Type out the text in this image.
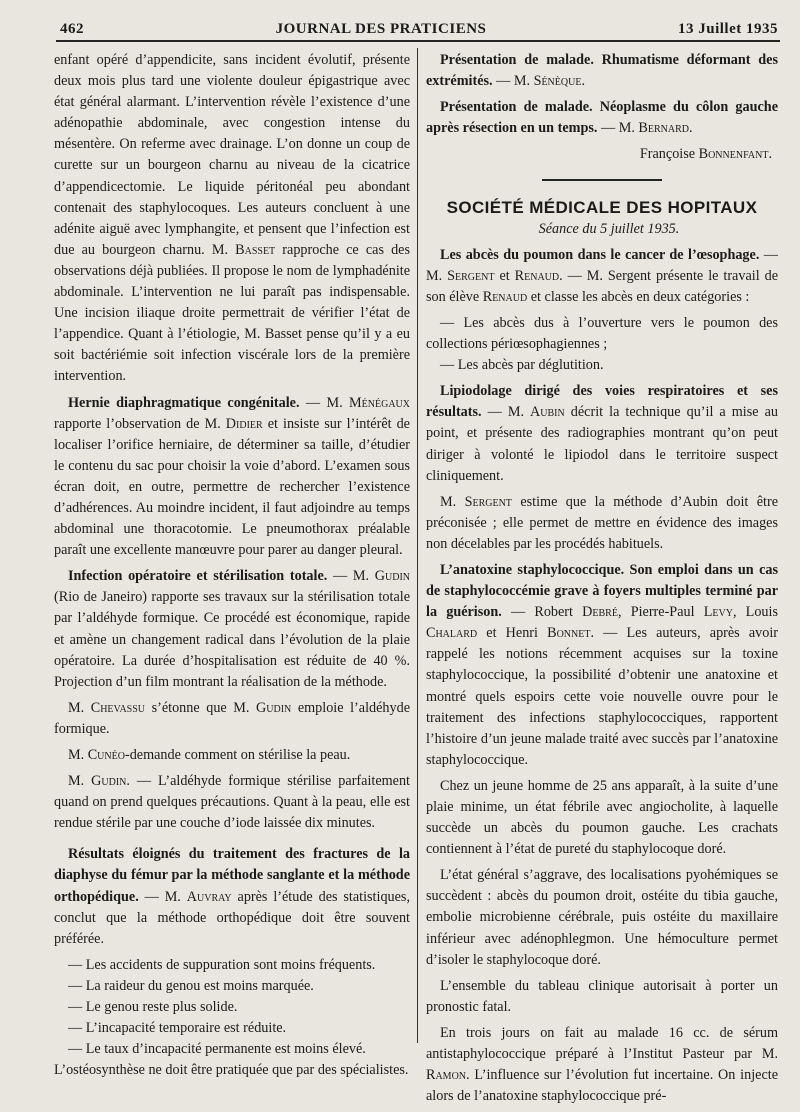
462	JOURNAL DES PRATICIENS	13 Juillet 1935

enfant opéré d’appendicite, sans incident évolutif, présente deux mois plus tard une violente douleur épigastrique avec état général alarmant. L’intervention révèle l’existence d’une adénopathie abdominale, avec congestion intense du mésentère. On referme avec drainage. L’on donne un coup de curette sur un bourgeon charnu au niveau de la cicatrice d’appendicectomie. Le liquide péritonéal peu abondant contenait des staphylocoques. Les auteurs concluent à une adénite aiguë avec lymphangite, et pensent que l’infection est due au bourgeon charnu. M. Basset rapproche ce cas des observations déjà publiées. Il propose le nom de lymphadénite abdominale. L’intervention ne lui paraît pas indispensable. Une incision iliaque droite permettrait de vérifier l’état de l’appendice. Quant à l’étiologie, M. Basset pense qu’il y a eu soit bactériémie soit infection viscérale lors de la première intervention.

Hernie diaphragmatique congénitale. — M. Ménégaux rapporte l’observation de M. Didier et insiste sur l’intérêt de localiser l’orifice herniaire, de déterminer sa taille, d’étudier le contenu du sac pour choisir la voie d’abord. L’examen sous écran doit, en outre, permettre de rechercher l’existence d’adhérences. Au moindre incident, il faut adjoindre au temps abdominal une thoracotomie. Le pneumothorax préalable paraît une excellente manœuvre pour parer au danger pleural.

Infection opératoire et stérilisation totale. — M. Gudin (Rio de Janeiro) rapporte ses travaux sur la stérilisation totale par l’aldéhyde formique. Ce procédé est économique, rapide et amène un changement radical dans l’évolution de la plaie opératoire. La durée d’hospitalisation est réduite de 40 %. Projection d’un film montrant la réalisation de la méthode.

M. Chevassu s’étonne que M. Gudin emploie l’aldéhyde formique.

M. Cunéo-demande comment on stérilise la peau.

M. Gudin. — L’aldéhyde formique stérilise parfaitement quand on prend quelques précautions. Quant à la peau, elle est rendue stérile par une couche d’iode laissée dix minutes.

Résultats éloignés du traitement des fractures de la diaphyse du fémur par la méthode sanglante et la méthode orthopédique. — M. Auvray après l’étude des statistiques, conclut que la méthode orthopédique doit être souvent préférée.

— Les accidents de suppuration sont moins fréquents.

— La raideur du genou est moins marquée.

— Le genou reste plus solide.

— L’incapacité temporaire est réduite.

— Le taux d’incapacité permanente est moins élevé.

L’ostéosynthèse ne doit être pratiquée que par des spécialistes.

Présentation de malade. Rhumatisme déformant des extrémités. — M. Sénèque.

Présentation de malade. Néoplasme du côlon gauche après résection en un temps. — M. Bernard.

Françoise Bonnenfant.

SOCIÉTÉ MÉDICALE DES HOPITAUX

Séance du 5 juillet 1935.

Les abcès du poumon dans le cancer de l’œsophage. — M. Sergent et Renaud. — M. Sergent présente le travail de son élève Renaud et classe les abcès en deux catégories :

— Les abcès dus à l’ouverture vers le poumon des collections périœsophagiennes ;

— Les abcès par déglutition.

Lipiodolage dirigé des voies respiratoires et ses résultats. — M. Aubin décrit la technique qu’il a mise au point, et présente des radiographies montrant qu’on peut diriger à volonté le lipiodol dans le territoire suspect cliniquement.

M. Sergent estime que la méthode d’Aubin doit être préconisée ; elle permet de mettre en évidence des images non décelables par les procédés habituels.

L’anatoxine staphylococcique. Son emploi dans un cas de staphylococcémie grave à foyers multiples terminé par la guérison. — Robert Debré, Pierre-Paul Levy, Louis Chalard et Henri Bonnet. — Les auteurs, après avoir rappelé les notions récemment acquises sur la toxine staphylococcique, la possibilité d’obtenir une anatoxine et montré quels espoirs cette voie nouvelle ouvre pour le traitement des infections staphylococciques, rapportent l’histoire d’un jeune malade traité avec succès par l’anatoxine staphylococcique.

Chez un jeune homme de 25 ans apparaît, à la suite d’une plaie minime, un état fébrile avec angiocholite, à laquelle succède un abcès du poumon gauche. Les crachats contiennent à l’état de pureté du staphylocoque doré.

L’état général s’aggrave, des localisations pyohémiques se succèdent : abcès du poumon droit, ostéite du tibia gauche, embolie microbienne cérébrale, puis ostéite du maxillaire inférieur avec adénophlegmon. Une hémoculture permet d’isoler le staphylocoque doré.

L’ensemble du tableau clinique autorisait à porter un pronostic fatal.

En trois jours on fait au malade 16 cc. de sérum antistaphylococcique préparé à l’Institut Pasteur par M. Ramon. L’influence sur l’évolution fut incertaine. On injecte alors de l’anatoxine staphylococcique pré-
